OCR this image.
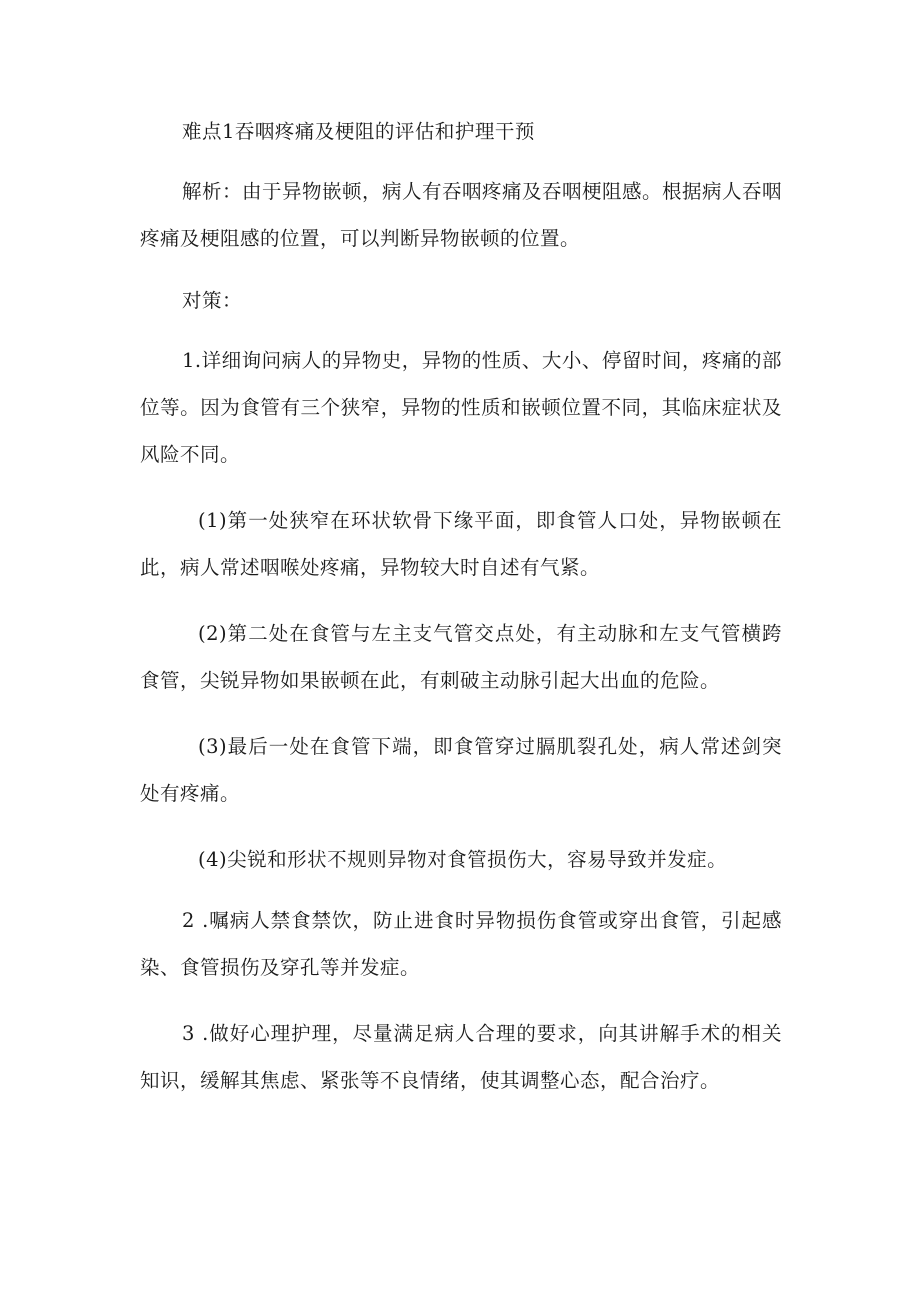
难点1吞咽疼痛及梗阻的评估和护理干预

解析：由于异物嵌顿，病人有吞咽疼痛及吞咽梗阻感。根据病人吞咽疼痛及梗阻感的位置，可以判断异物嵌顿的位置。

对策：

1.详细询问病人的异物史，异物的性质、大小、停留时间，疼痛的部位等。因为食管有三个狭窄，异物的性质和嵌顿位置不同，其临床症状及风险不同。

(1)第一处狭窄在环状软骨下缘平面，即食管人口处，异物嵌顿在此，病人常述咽喉处疼痛，异物较大时自述有气紧。

(2)第二处在食管与左主支气管交点处，有主动脉和左支气管横跨食管，尖锐异物如果嵌顿在此，有刺破主动脉引起大出血的危险。

(3)最后一处在食管下端，即食管穿过膈肌裂孔处，病人常述剑突处有疼痛。

(4)尖锐和形状不规则异物对食管损伤大，容易导致并发症。

2 .嘱病人禁食禁饮，防止进食时异物损伤食管或穿出食管，引起感染、食管损伤及穿孔等并发症。

3 .做好心理护理，尽量满足病人合理的要求，向其讲解手术的相关知识，缓解其焦虑、紧张等不良情绪，使其调整心态，配合治疗。
